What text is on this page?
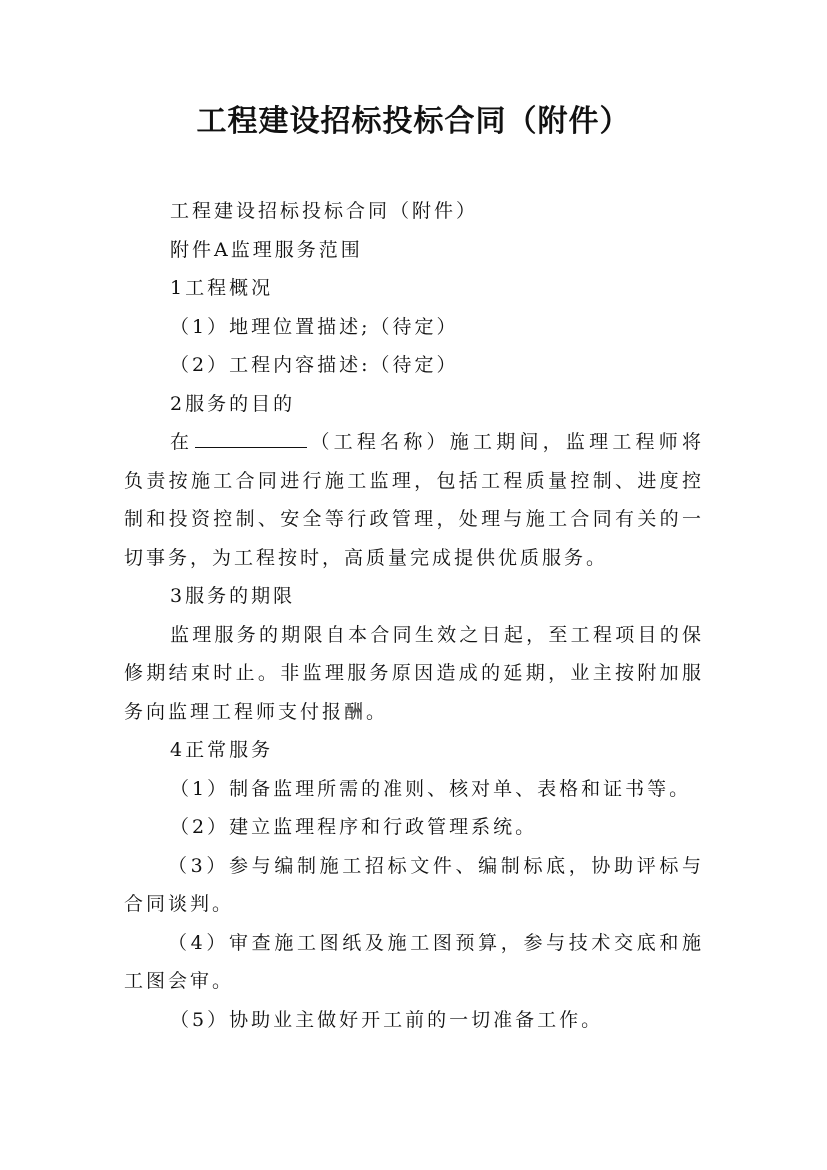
工程建设招标投标合同（附件）

工程建设招标投标合同（附件）

附件A监理服务范围

1工程概况

（1）地理位置描述;（待定）

（2）工程内容描述:（待定）

2服务的目的

在	（工程名称）施工期间，监理工程师将负责按施工合同进行施工监理，包括工程质量控制、进度控制和投资控制、安全等行政管理，处理与施工合同有关的一切事务，为工程按时，高质量完成提供优质服务。

3服务的期限

监理服务的期限自本合同生效之日起，至工程项目的保修期结束时止。非监理服务原因造成的延期，业主按附加服务向监理工程师支付报酬。

4正常服务

（1）制备监理所需的准则、核对单、表格和证书等。

（2）建立监理程序和行政管理系统。

（3）参与编制施工招标文件、编制标底，协助评标与合同谈判。

（4）审查施工图纸及施工图预算，参与技术交底和施工图会审。

（5）协助业主做好开工前的一切准备工作。
